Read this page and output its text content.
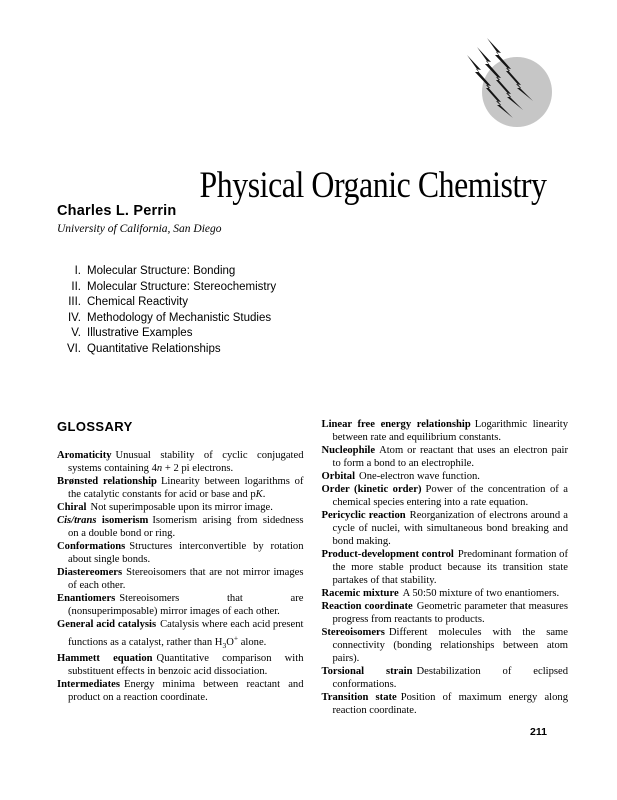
Physical Organic Chemistry
Charles L. Perrin
University of California, San Diego
I. Molecular Structure: Bonding
II. Molecular Structure: Stereochemistry
III. Chemical Reactivity
IV. Methodology of Mechanistic Studies
V. Illustrative Examples
VI. Quantitative Relationships
GLOSSARY

Aromaticity Unusual stability of cyclic conjugated systems containing 4n + 2 pi electrons.

Brønsted relationship Linearity between logarithms of the catalytic constants for acid or base and pK.

Chiral Not superimposable upon its mirror image.

Cis/trans isomerism Isomerism arising from sidedness on a double bond or ring.

Conformations Structures interconvertible by rotation about single bonds.

Diastereomers Stereoisomers that are not mirror images of each other.

Enantiomers Stereoisomers that are (nonsuperimposable) mirror images of each other.

General acid catalysis Catalysis where each acid present functions as a catalyst, rather than $H_3O^+$ alone.

Hammett equation Quantitative comparison with substituent effects in benzoic acid dissociation.

Intermediates Energy minima between reactant and product on a reaction coordinate.

Linear free energy relationship Logarithmic linearity between rate and equilibrium constants.

Nucleophile Atom or reactant that uses an electron pair to form a bond to an electrophile.

Orbital One-electron wave function.

Order (kinetic order) Power of the concentration of a chemical species entering into a rate equation.

Pericyclic reaction Reorganization of electrons around a cycle of nuclei, with simultaneous bond breaking and bond making.

Product-development control Predominant formation of the more stable product because its transition state partakes of that stability.

Racemic mixture A 50:50 mixture of two enantiomers.

Reaction coordinate Geometric parameter that measures progress from reactants to products.

Stereoisomers Different molecules with the same connectivity (bonding relationships between atom pairs).

Torsional strain Destabilization of eclipsed conformations.

Transition state Position of maximum energy along reaction coordinate.

211
